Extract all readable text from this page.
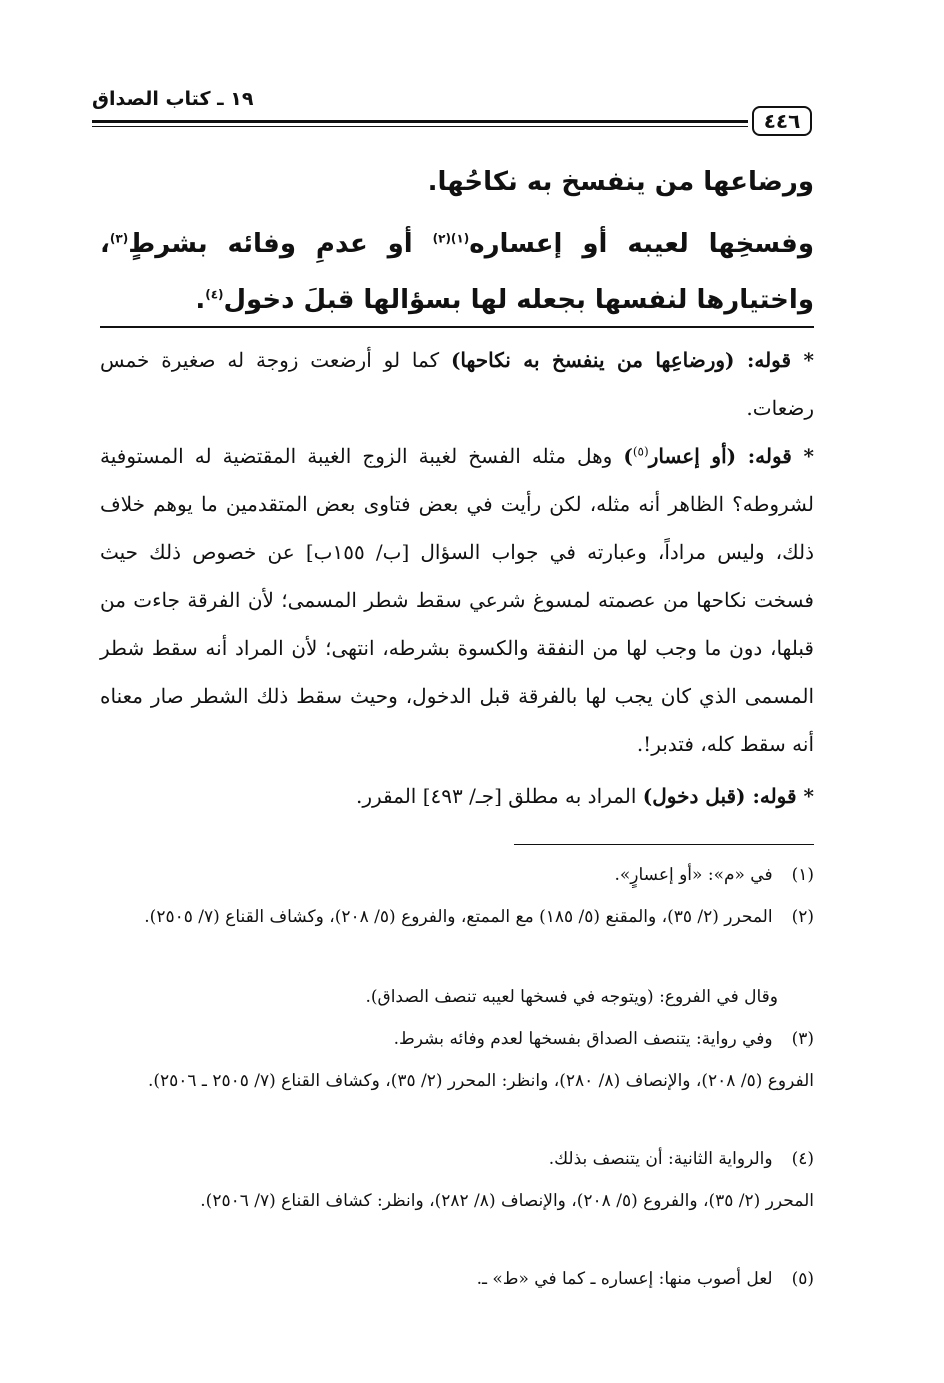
١٩ ـ كتاب الصداق
٤٤٦
ورضاعها من ينفسخ به نكاحُها.
وفسخِها لعيبه أو إعساره$^{(١)(٢)}$ أو عدمِ وفائه بشرطٍ$^{(٣)}$، واختيارها لنفسها بجعله لها بسؤالها قبلَ دخول$^{(٤)}$.
* قوله: (ورضاعِها من ينفسخ به نكاحها) كما لو أرضعت زوجة له صغيرة خمس رضعات.
* قوله: (أو إعسار$^{(٥)}$) وهل مثله الفسخ لغيبة الزوج الغيبة المقتضية له المستوفية لشروطه؟ الظاهر أنه مثله، لكن رأيت في بعض فتاوى بعض المتقدمين ما يوهم خلاف ذلك، وليس مراداً، وعبارته في جواب السؤال [ب/ ١٥٥ب] عن خصوص ذلك حيث فسخت نكاحها من عصمته لمسوغ شرعي سقط شطر المسمى؛ لأن الفرقة جاءت من قبلها، دون ما وجب لها من النفقة والكسوة بشرطه، انتهى؛ لأن المراد أنه سقط شطر المسمى الذي كان يجب لها بالفرقة قبل الدخول، وحيث سقط ذلك الشطر صار معناه أنه سقط كله، فتدبر!.
* قوله: (قبل دخول) المراد به مطلق [جـ/ ٤٩٣] المقرر.
(١) في «م»: «أو إعسارٍ».
(٢) المحرر (٢/ ٣٥)، والمقنع (٥/ ١٨٥) مع الممتع، والفروع (٥/ ٢٠٨)، وكشاف القناع (٧/ ٢٥٠٥).
وقال في الفروع: (ويتوجه في فسخها لعيبه تنصف الصداق).
(٣) وفي رواية: يتنصف الصداق بفسخها لعدم وفائه بشرط.
الفروع (٥/ ٢٠٨)، والإنصاف (٨/ ٢٨٠)، وانظر: المحرر (٢/ ٣٥)، وكشاف القناع (٧/ ٢٥٠٥ ـ ٢٥٠٦).
(٤) والرواية الثانية: أن يتنصف بذلك.
المحرر (٢/ ٣٥)، والفروع (٥/ ٢٠٨)، والإنصاف (٨/ ٢٨٢)، وانظر: كشاف القناع (٧/ ٢٥٠٦).
(٥) لعل أصوب منها: إعساره ـ كما في «ط» ـ.
